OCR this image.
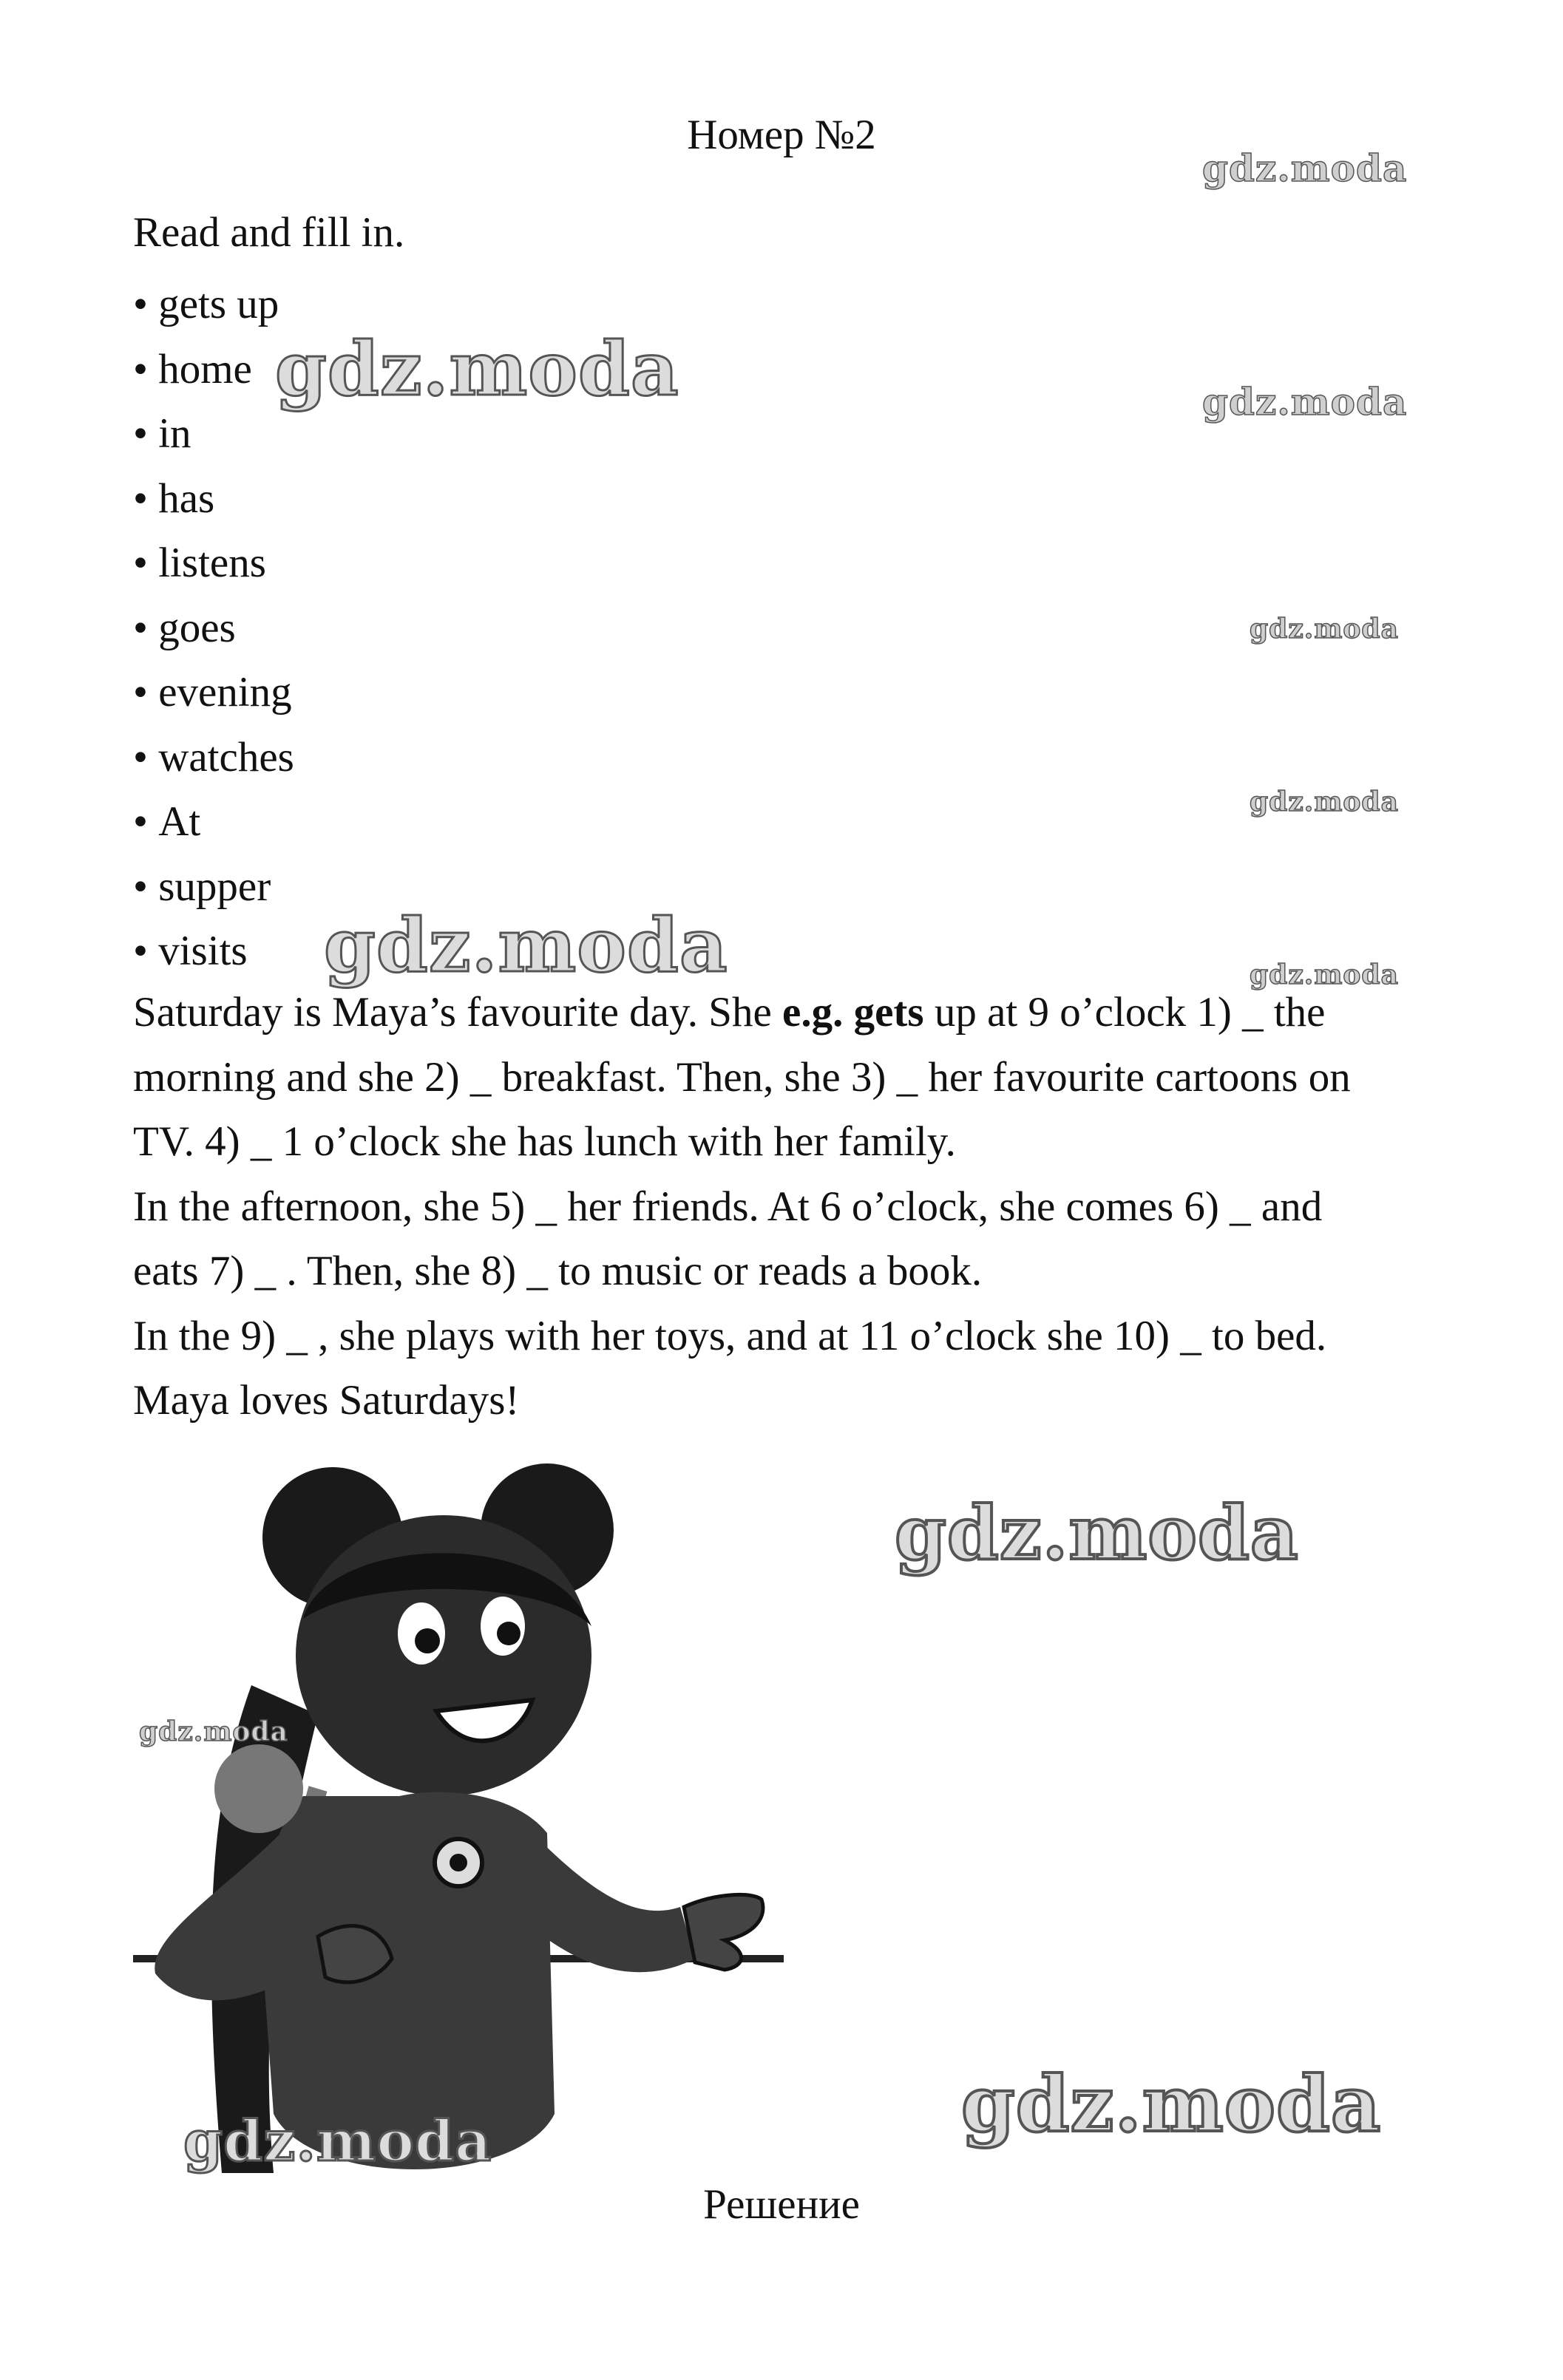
Номер №2
Read and fill in.
• gets up
• home
• in
• has
• listens
• goes
• evening
• watches
• At
• supper
• visits

Saturday is Maya’s favourite day. She e.g. gets up at 9 o’clock 1) _ the

morning and she 2) _ breakfast. Then, she 3) _ her favourite cartoons on

TV. 4) _ 1 o’clock she has lunch with her family.

In the afternoon, she 5) _ her friends. At 6 o’clock, she comes 6) _ and

eats 7) _ . Then, she 8) _ to music or reads a book.

In the 9) _ , she plays with her toys, and at 11 o’clock she 10) _ to bed.

Maya loves Saturdays!

gdz.moda
gdz.moda	gdz.moda
gdz.moda
gdz.moda
gdz.moda	gdz.moda
gdz.moda
gdz.moda
gdz.moda
gdz.moda
Решение
